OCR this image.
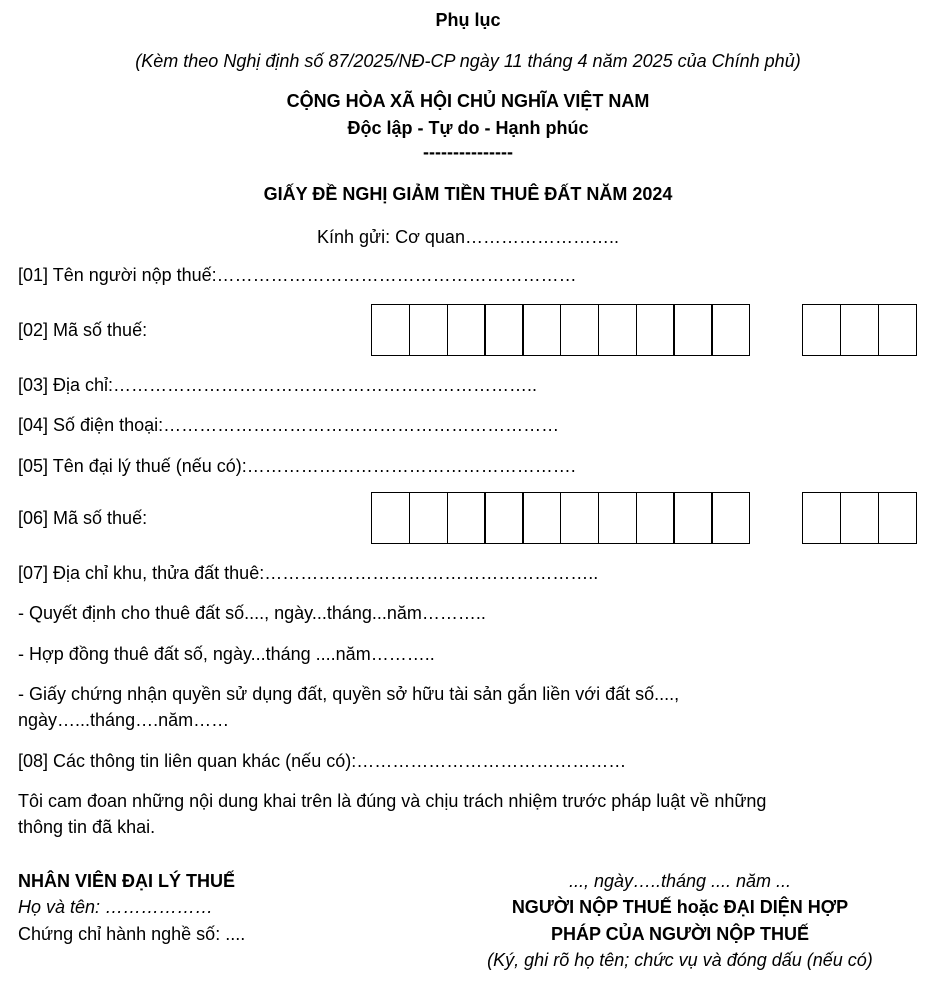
Phụ lục
(Kèm theo Nghị định số 87/2025/NĐ-CP ngày 11 tháng 4 năm 2025 của Chính phủ)
CỘNG HÒA XÃ HỘI CHỦ NGHĨA VIỆT NAM
Độc lập - Tự do - Hạnh phúc
---------------
GIẤY ĐỀ NGHỊ GIẢM TIỀN THUÊ ĐẤT NĂM 2024
Kính gửi: Cơ quan……………………..
[01] Tên người nộp thuế:……………………………………………………
[02] Mã số thuế:
[03] Địa chỉ:……………………………………………………………..
[04] Số điện thoại:…………………………………………………………
[05] Tên đại lý thuế (nếu có):……………………………………………….
[06] Mã số thuế:
[07] Địa chỉ khu, thửa đất thuê:………………………………………………..
- Quyết định cho thuê đất số...., ngày...tháng...năm………..
- Hợp đồng thuê đất số, ngày...tháng ....năm………..
- Giấy chứng nhận quyền sử dụng đất, quyền sở hữu tài sản gắn liền với đất số....,
ngày…...tháng….năm……
[08] Các thông tin liên quan khác (nếu có):………………………………………
Tôi cam đoan những nội dung khai trên là đúng và chịu trách nhiệm trước pháp luật về những
thông tin đã khai.
NHÂN VIÊN ĐẠI LÝ THUẾ
Họ và tên: ………………
Chứng chỉ hành nghề số: ....
..., ngày…..tháng .... năm ...
NGƯỜI NỘP THUẾ hoặc ĐẠI DIỆN HỢP
PHÁP CỦA NGƯỜI NỘP THUẾ
(Ký, ghi rõ họ tên; chức vụ và đóng dấu (nếu có)
